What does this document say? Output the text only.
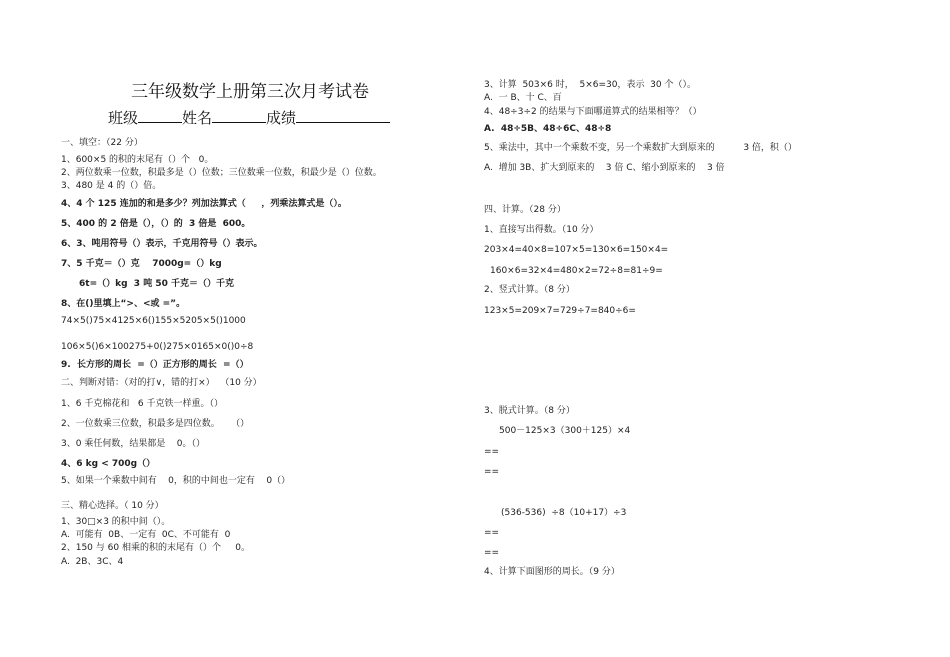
三年级数学上册第三次月考试卷
班级	姓名	成绩
一、填空：（22 分）
1、600×5 的积的末尾有（）个   0。
2、两位数乘一位数，积最多是（）位数；三位数乘一位数，积最少是（）位数。
3、480 是 4 的（）倍。
4、4 个 125 连加的和是多少？列加法算式（     ，列乘法算式是（）。
5、400 的 2 倍是（），（）的  3 倍是  600。
6、3、吨用符号（）表示，千克用符号（）表示。
7、5 千克＝（）克    7000g=（）kg
6t=（）kg  3 吨 50 千克＝（）千克
8、在()里填上“>、<或 =”。
74×5()75×4125×6()155×5205×5()1000
106×5()6×100275+0()275×0165×0()0÷8
9.  长方形的周长  =（）正方形的周长  =（）
二、判断对错：（对的打∨，错的打×）  （10 分）
1、6 千克棉花和   6 千克铁一样重。（）
2、一位数乘三位数，积最多是四位数。    （）
3、0 乘任何数，结果都是    0。（）
4、6 kg < 700g（）
5、如果一个乘数中间有    0，积的中间也一定有    0（）
三、精心选择。（ 10 分）
1、30□×3 的积中间（）。
A.  可能有  0B、一定有  0C、不可能有  0
2、150 与 60 相乘的积的末尾有（）个     0。
A.  2B、3C、4
3、计算  503×6 时，  5×6=30，表示  30 个（）。
A.  一 B、十 C、百
4、48÷3÷2 的结果与下面哪道算式的结果相等？（）
A.  48÷5B、48÷6C、48÷8
5、乘法中，其中一个乘数不变，另一个乘数扩大到原来的          3 倍，积（）
A.  增加 3B、扩大到原来的    3 倍 C、缩小到原来的    3 倍
四、计算。（28 分）
1、直接写出得数。（10 分）
203×4=40×8=107×5=130×6=150×4=
160×6=32×4=480×2=72÷8=81÷9=
2、竖式计算。（8 分）
123×5=209×7=729÷7=840÷6=
3、脱式计算。（8 分）
500－125×3（300＋125）×4
==
==
(536-536)  ÷8（10+17）÷3
==
==
4、计算下面图形的周长。（9 分）
